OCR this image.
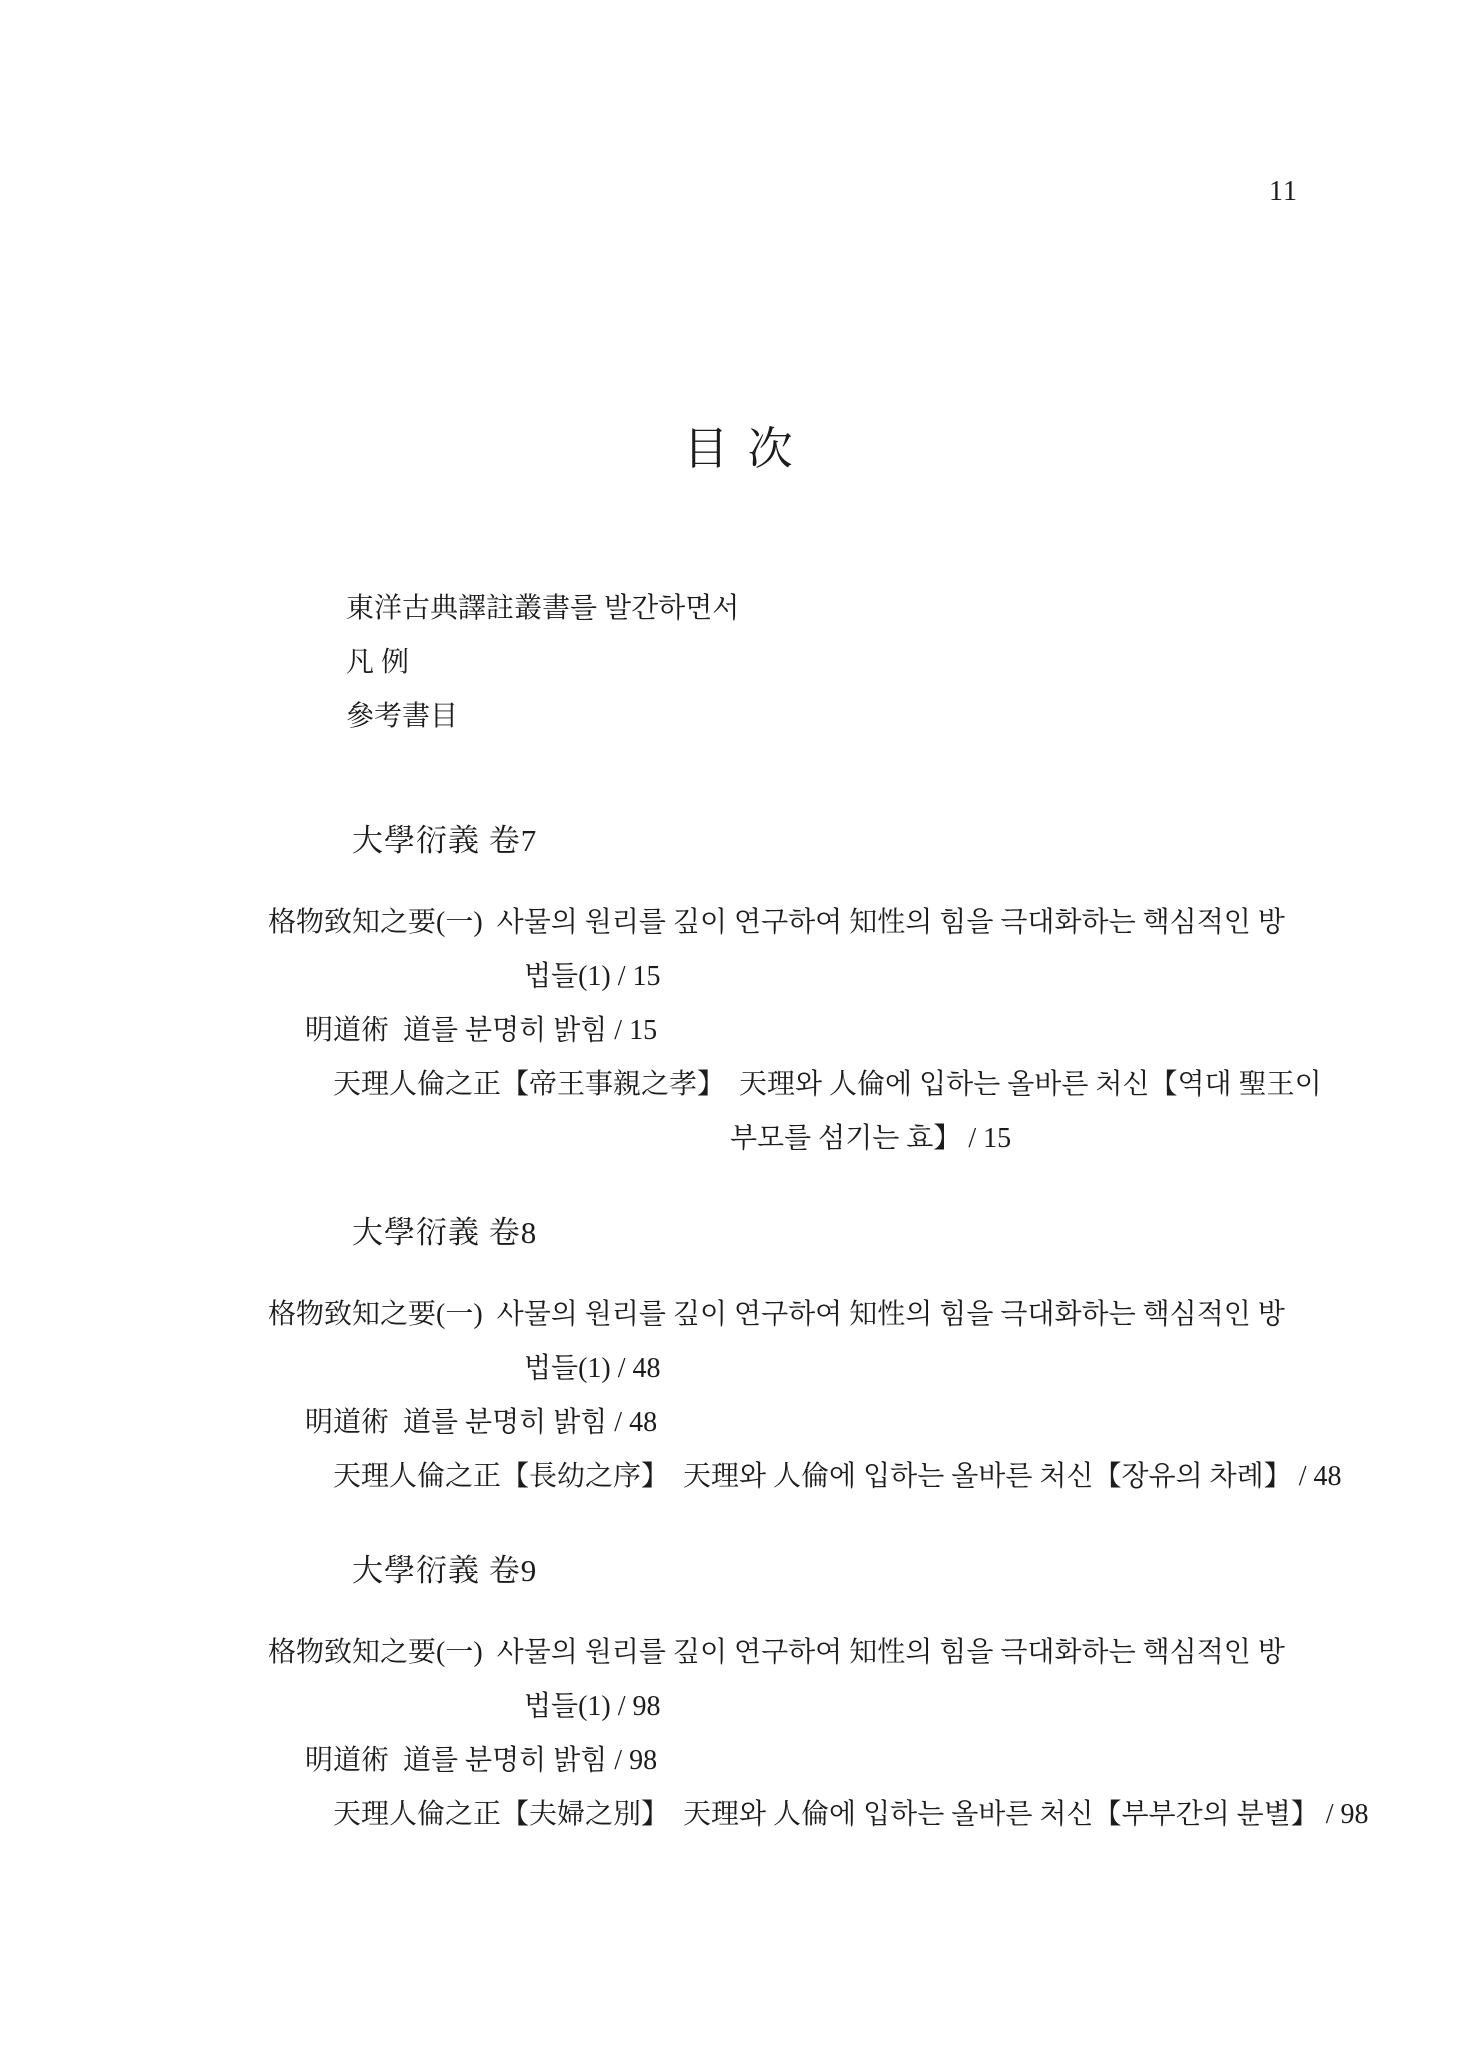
11
目 次
東洋古典譯註叢書를 발간하면서
凡 例
參考書目
大學衍義 卷7
格物致知之要(一)  사물의 원리를 깊이 연구하여 知性의 힘을 극대화하는 핵심적인 방
법들(1) / 15
明道術  道를 분명히 밝힘 / 15
天理人倫之正【帝王事親之孝】  天理와 人倫에 입하는 올바른 처신【역대 聖王이
부모를 섬기는 효】 / 15
大學衍義 卷8
格物致知之要(一)  사물의 원리를 깊이 연구하여 知性의 힘을 극대화하는 핵심적인 방
법들(1) / 48
明道術  道를 분명히 밝힘 / 48
天理人倫之正【長幼之序】  天理와 人倫에 입하는 올바른 처신【장유의 차례】 / 48
大學衍義 卷9
格物致知之要(一)  사물의 원리를 깊이 연구하여 知性의 힘을 극대화하는 핵심적인 방
법들(1) / 98
明道術  道를 분명히 밝힘 / 98
天理人倫之正【夫婦之別】  天理와 人倫에 입하는 올바른 처신【부부간의 분별】 / 98
